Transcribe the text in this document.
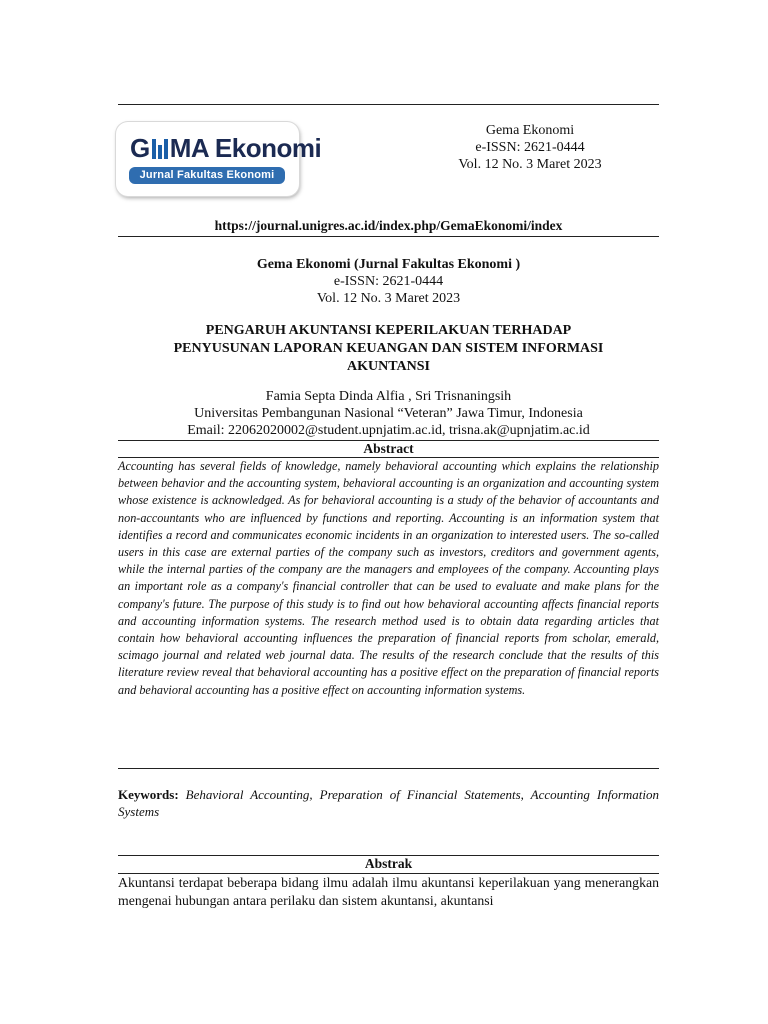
G MA Ekonomi
Jurnal Fakultas Ekonomi
Gema Ekonomi
e-ISSN: 2621-0444
Vol. 12 No. 3 Maret 2023
https://journal.unigres.ac.id/index.php/GemaEkonomi/index
Gema Ekonomi (Jurnal Fakultas Ekonomi )
e-ISSN: 2621-0444
Vol. 12 No. 3 Maret 2023
PENGARUH AKUNTANSI KEPERILAKUAN TERHADAP
PENYUSUNAN LAPORAN KEUANGAN DAN SISTEM INFORMASI
AKUNTANSI
Famia Septa Dinda Alfia , Sri Trisnaningsih
Universitas Pembangunan Nasional “Veteran” Jawa Timur, Indonesia
Email: 22062020002@student.upnjatim.ac.id, trisna.ak@upnjatim.ac.id
Abstract
Accounting has several fields of knowledge, namely behavioral accounting which explains the relationship between behavior and the accounting system, behavioral accounting is an organization and accounting system whose existence is acknowledged. As for behavioral accounting is a study of the behavior of accountants and non-accountants who are influenced by functions and reporting. Accounting is an information system that identifies a record and communicates economic incidents in an organization to interested users. The so-called users in this case are external parties of the company such as investors, creditors and government agents, while the internal parties of the company are the managers and employees of the company. Accounting plays an important role as a company's financial controller that can be used to evaluate and make plans for the company's future. The purpose of this study is to find out how behavioral accounting affects financial reports and accounting information systems. The research method used is to obtain data regarding articles that contain how behavioral accounting influences the preparation of financial reports from scholar, emerald, scimago journal and related web journal data. The results of the research conclude that the results of this literature review reveal that behavioral accounting has a positive effect on the preparation of financial reports and behavioral accounting has a positive effect on accounting information systems.
Keywords: Behavioral Accounting, Preparation of Financial Statements, Accounting Information Systems
Abstrak
Akuntansi terdapat beberapa bidang ilmu adalah ilmu akuntansi keperilakuan yang menerangkan mengenai hubungan antara perilaku dan sistem akuntansi, akuntansi
